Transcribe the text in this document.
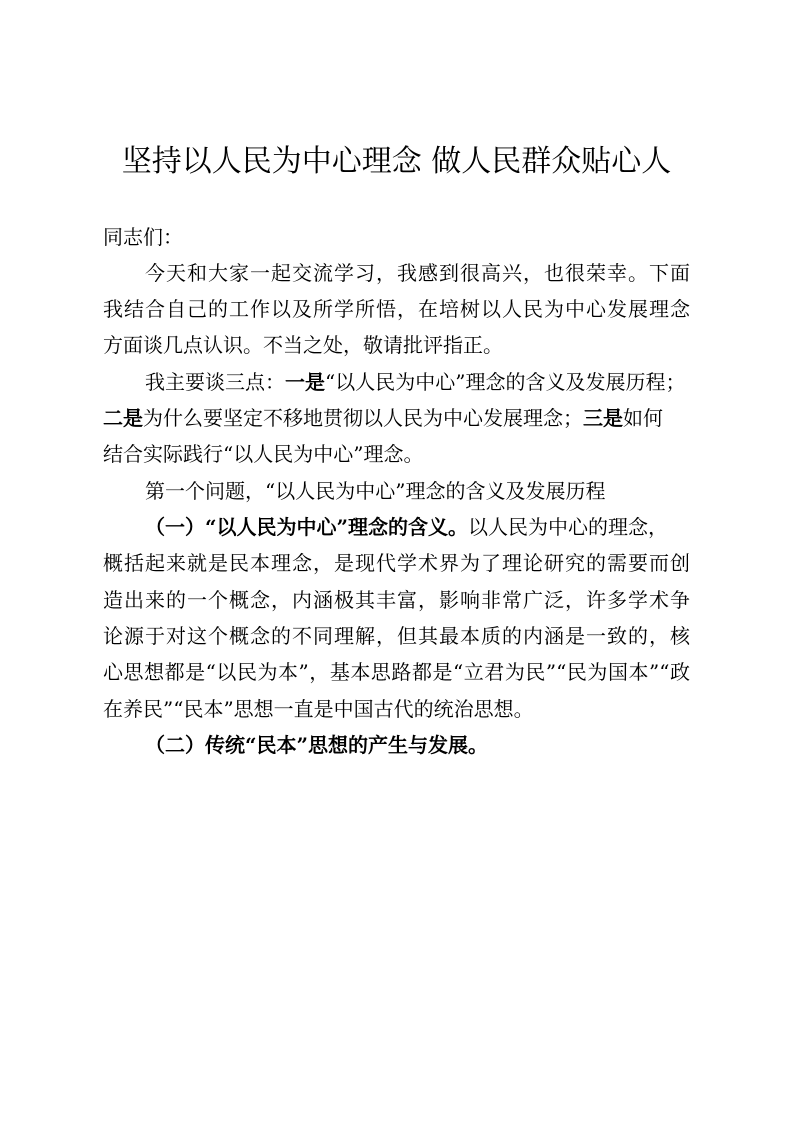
坚持以人民为中心理念 做人民群众贴心人
同志们：
今天和大家一起交流学习，我感到很高兴，也很荣幸。下面
我结合自己的工作以及所学所悟，在培树以人民为中心发展理念
方面谈几点认识。不当之处，敬请批评指正。
我主要谈三点：一是“以人民为中心”理念的含义及发展历程；
二是为什么要坚定不移地贯彻以人民为中心发展理念；三是如何
结合实际践行“以人民为中心”理念。
第一个问题，“以人民为中心”理念的含义及发展历程
（一）“以人民为中心”理念的含义。以人民为中心的理念，
概括起来就是民本理念，是现代学术界为了理论研究的需要而创
造出来的一个概念，内涵极其丰富，影响非常广泛，许多学术争
论源于对这个概念的不同理解，但其最本质的内涵是一致的，核
心思想都是“以民为本”，基本思路都是“立君为民”“民为国本”“政
在养民”“民本”思想一直是中国古代的统治思想。
（二）传统“民本”思想的产生与发展。
